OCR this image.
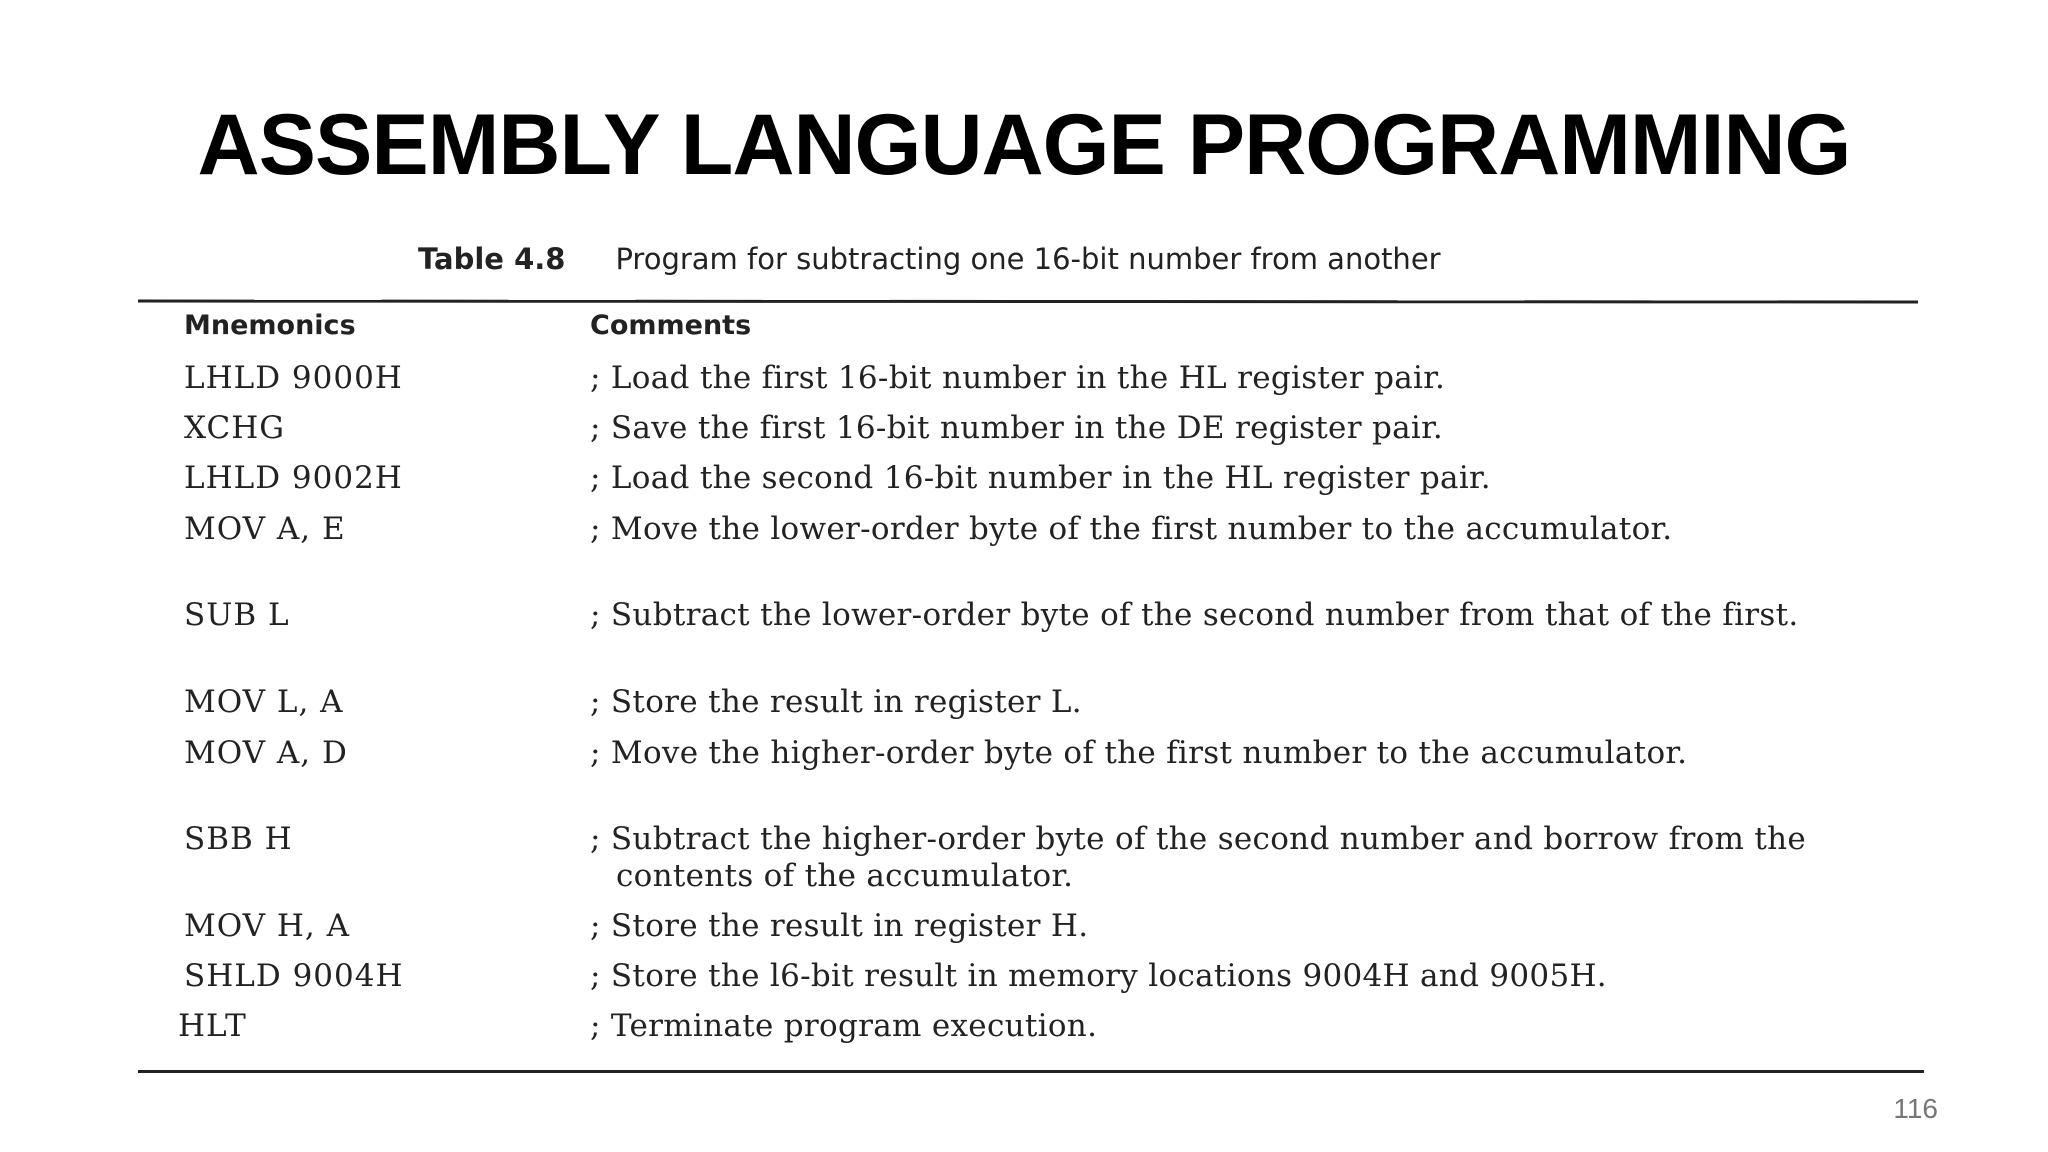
ASSEMBLY LANGUAGE PROGRAMMING
Table 4.8 Program for subtracting one 16-bit number from another
Mnemonics	Comments
LHLD 9000H	; Load the first 16-bit number in the HL register pair.
XCHG	; Save the first 16-bit number in the DE register pair.
LHLD 9002H	; Load the second 16-bit number in the HL register pair.
MOV A, E	; Move the lower-order byte of the first number to the accumulator.
SUB L	; Subtract the lower-order byte of the second number from that of the first.
MOV L, A	; Store the result in register L.
MOV A, D	; Move the higher-order byte of the first number to the accumulator.
SBB H	; Subtract the higher-order byte of the second number and borrow from the contents of the accumulator.
MOV H, A	; Store the result in register H.
SHLD 9004H	; Store the l6-bit result in memory locations 9004H and 9005H.
HLT	; Terminate program execution.
116
